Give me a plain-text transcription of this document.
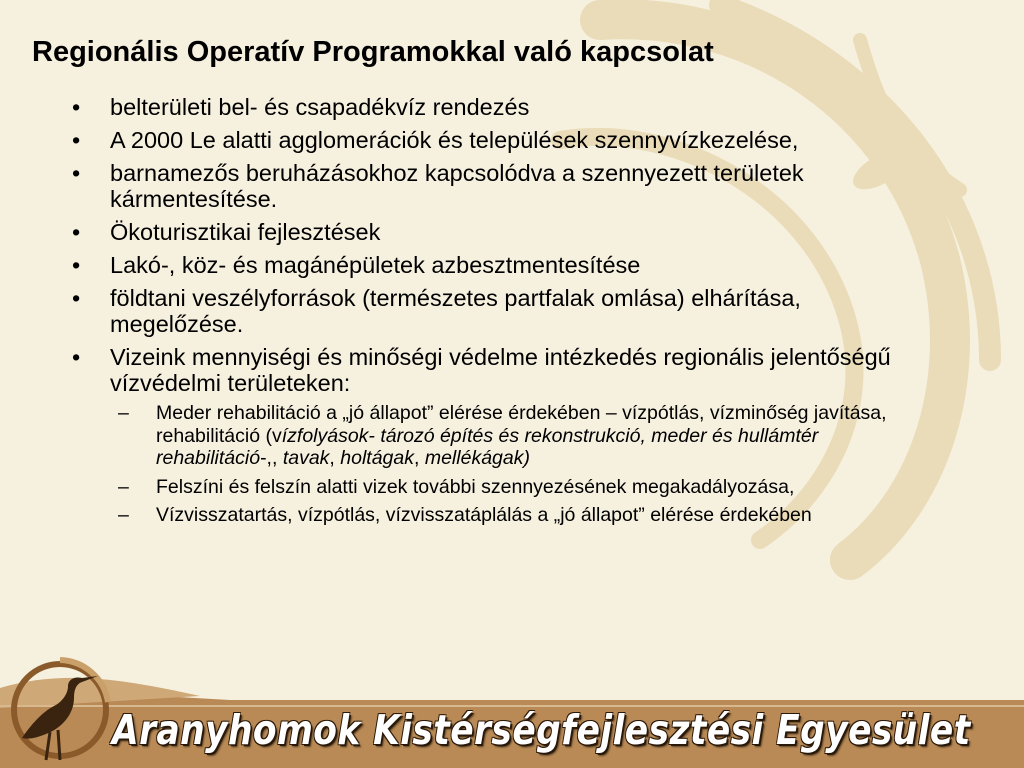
Regionális Operatív Programokkal való kapcsolat
• belterületi bel- és csapadékvíz rendezés
• A 2000 Le alatti agglomerációk és települések szennyvízkezelése,
• barnamezős beruházásokhoz kapcsolódva a szennyezett területek kármentesítése.
• Ökoturisztikai fejlesztések
• Lakó-, köz- és magánépületek azbesztmentesítése
• földtani veszélyforrások (természetes partfalak omlása) elhárítása, megelőzése.
• Vizeink mennyiségi és minőségi védelme intézkedés regionális jelentőségű vízvédelmi területeken:
– Meder rehabilitáció a „jó állapot” elérése érdekében – vízpótlás, vízminőség javítása, rehabilitáció (vízfolyások- tározó építés és rekonstrukció, meder és hullámtér rehabilitáció-,, tavak, holtágak, mellékágak)
– Felszíni és felszín alatti vizek további szennyezésének megakadályozása,
– Vízvisszatartás, vízpótlás, vízvisszatáplálás a „jó állapot” elérése érdekében
Aranyhomok Kistérségfejlesztési Egyesület
